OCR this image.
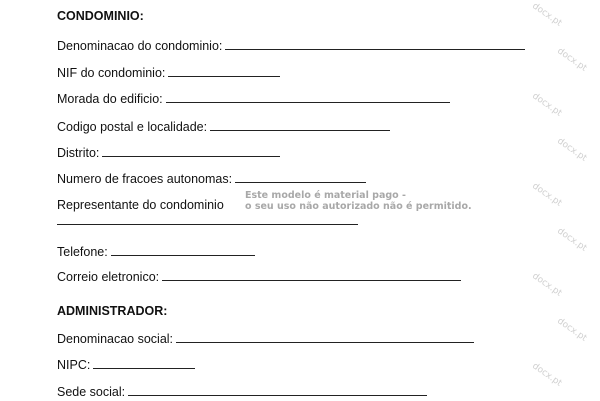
docx.pt
docx.pt
docx.pt
docx.pt
docx.pt
docx.pt
docx.pt
docx.pt
docx.pt
CONDOMINIO:
Denominacao do condominio:
NIF do condominio:
Morada do edificio:
Codigo postal e localidade:
Distrito:
Numero de fracoes autonomas:
Representante do condominio
Telefone:
Correio eletronico:
ADMINISTRADOR:
Denominacao social:
NIPC:
Sede social:
Este modelo é material pago -
o seu uso não autorizado não é permitido.
